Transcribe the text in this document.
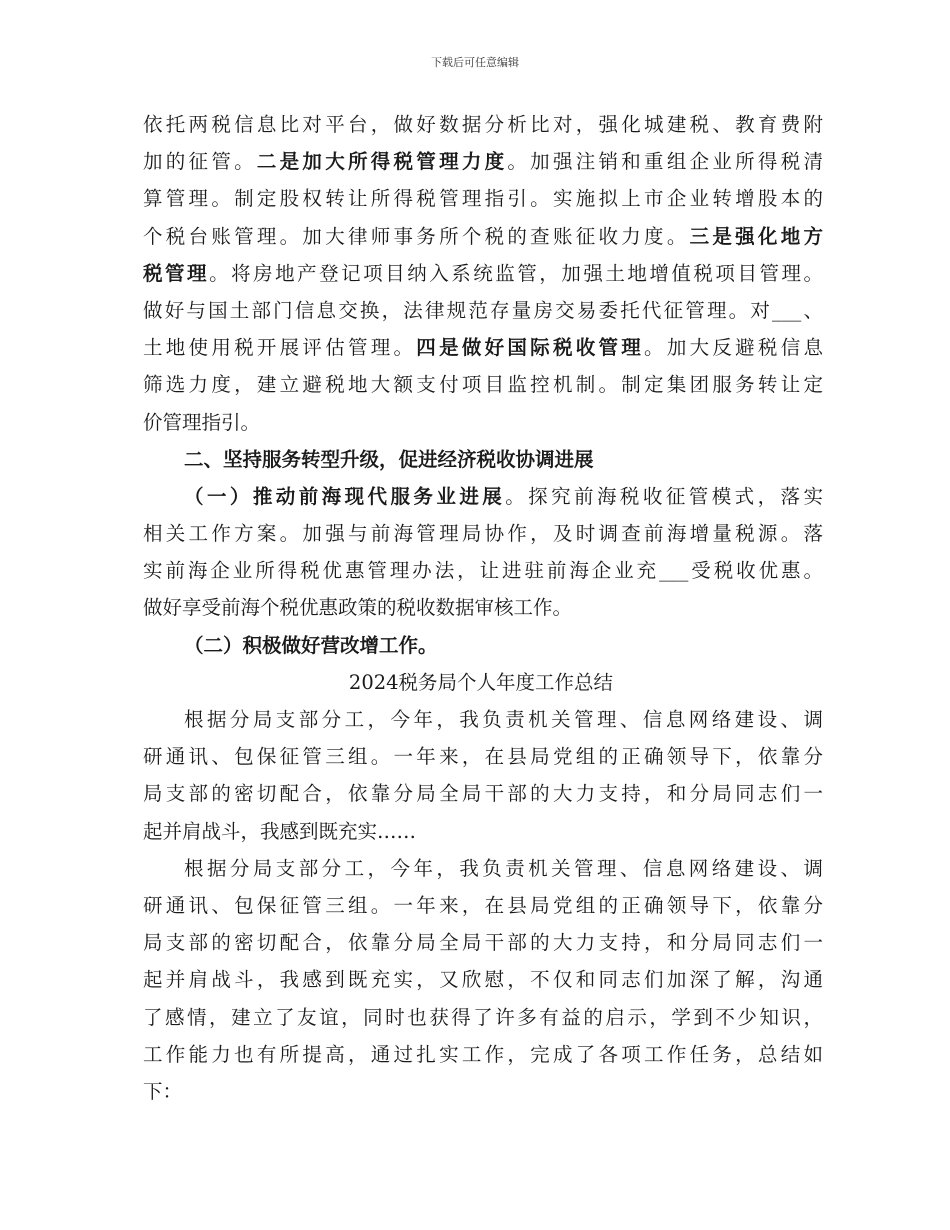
下载后可任意编辑
依托两税信息比对平台，做好数据分析比对，强化城建税、教育费附
加的征管。二是加大所得税管理力度。加强注销和重组企业所得税清
算管理。制定股权转让所得税管理指引。实施拟上市企业转增股本的
个税台账管理。加大律师事务所个税的查账征收力度。三是强化地方
税管理。将房地产登记项目纳入系统监管，加强土地增值税项目管理。
做好与国土部门信息交换，法律规范存量房交易委托代征管理。对___、
土地使用税开展评估管理。四是做好国际税收管理。加大反避税信息
筛选力度，建立避税地大额支付项目监控机制。制定集团服务转让定
价管理指引。
二、坚持服务转型升级，促进经济税收协调进展
（一）推动前海现代服务业进展。探究前海税收征管模式，落实
相关工作方案。加强与前海管理局协作，及时调查前海增量税源。落
实前海企业所得税优惠管理办法，让进驻前海企业充___受税收优惠。
做好享受前海个税优惠政策的税收数据审核工作。
（二）积极做好营改增工作。
2024税务局个人年度工作总结
根据分局支部分工，今年，我负责机关管理、信息网络建设、调
研通讯、包保征管三组。一年来，在县局党组的正确领导下，依靠分
局支部的密切配合，依靠分局全局干部的大力支持，和分局同志们一
起并肩战斗，我感到既充实……
根据分局支部分工，今年，我负责机关管理、信息网络建设、调
研通讯、包保征管三组。一年来，在县局党组的正确领导下，依靠分
局支部的密切配合，依靠分局全局干部的大力支持，和分局同志们一
起并肩战斗，我感到既充实，又欣慰，不仅和同志们加深了解，沟通
了感情，建立了友谊，同时也获得了许多有益的启示，学到不少知识，
工作能力也有所提高，通过扎实工作，完成了各项工作任务，总结如
下：
